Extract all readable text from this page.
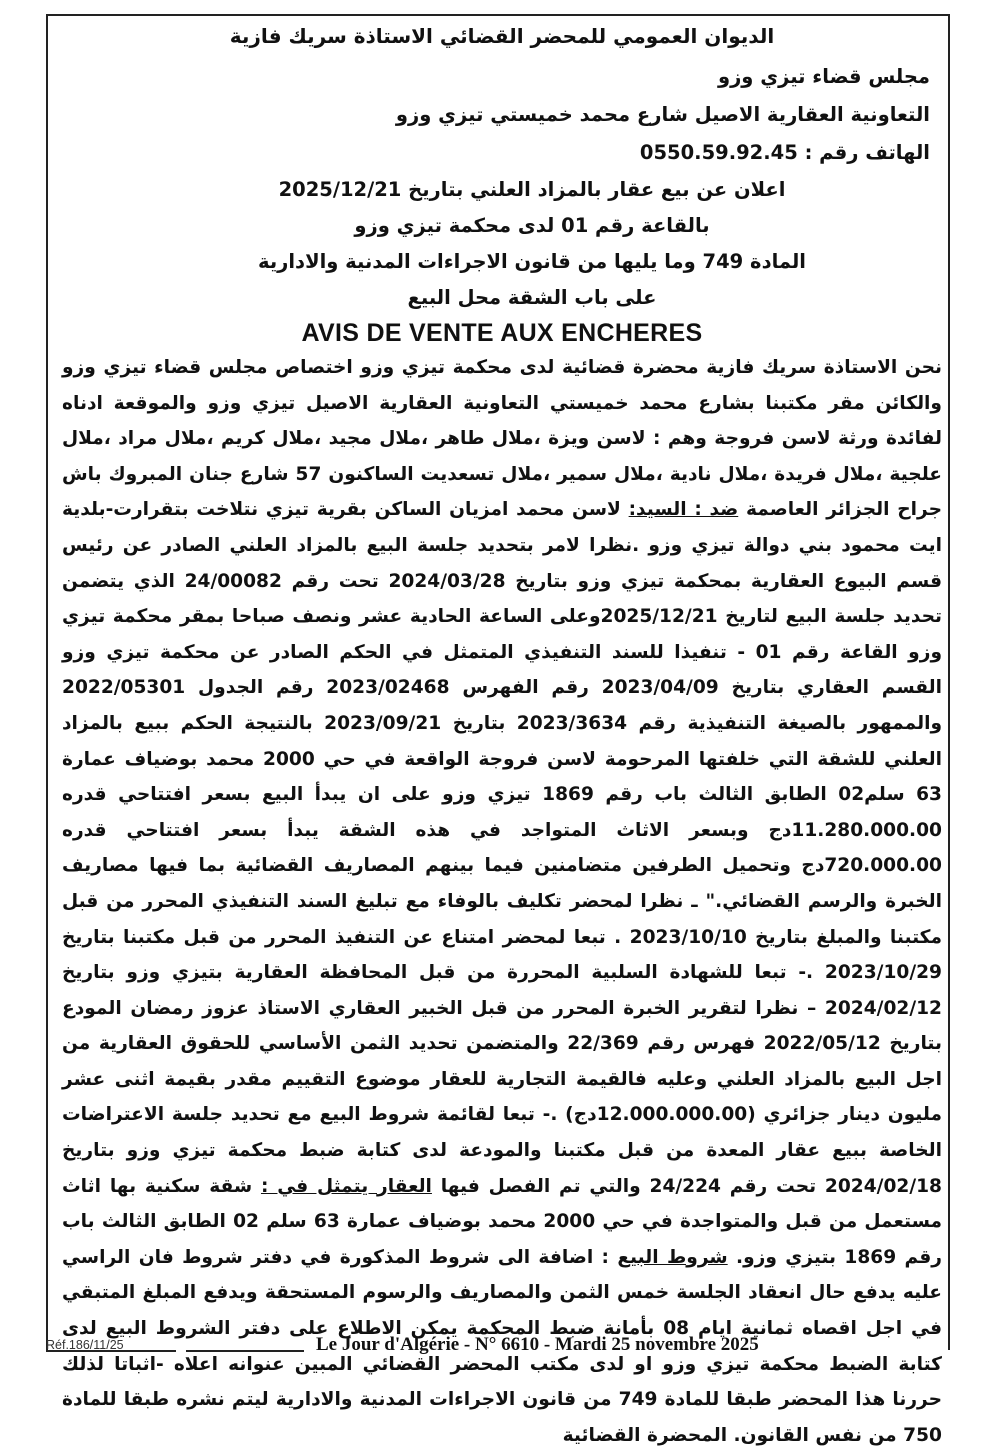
الديوان العمومي للمحضر القضائي الاستاذة سريك فازية
مجلس قضاء تيزي وزو
التعاونية العقارية الاصيل شارع محمد خميستي تيزي وزو
الهاتف رقم : 0550.59.92.45
اعلان عن بيع عقار بالمزاد العلني بتاريخ 2025/12/21
بالقاعة رقم 01 لدى محكمة تيزي وزو
المادة 749 وما يليها من قانون الاجراءات المدنية والادارية
على باب الشقة محل البيع
AVIS DE VENTE AUX ENCHERES

نحن الاستاذة سريك فازية محضرة قضائية لدى محكمة تيزي وزو اختصاص مجلس قضاء تيزي وزو والكائن مقر مكتبنا بشارع محمد خميستي التعاونية العقارية الاصيل تيزي وزو والموقعة ادناه لفائدة ورثة لاسن فروجة وهم : لاسن ويزة ،ملال طاهر ،ملال مجيد ،ملال كريم ،ملال مراد ،ملال علجية ،ملال فريدة ،ملال نادية ،ملال سمير ،ملال تسعديت الساكنون 57 شارع جنان المبروك باش جراح الجزائر العاصمة ضد : السيد: لاسن محمد امزيان الساكن بقرية تيزي نتلاخت بتقرارت-بلدية ايت محمود بني دوالة تيزي وزو .نظرا لامر بتحديد جلسة البيع بالمزاد العلني الصادر عن رئيس قسم البيوع العقارية بمحكمة تيزي وزو بتاريخ 2024/03/28 تحت رقم 24/00082 الذي يتضمن تحديد جلسة البيع لتاريخ 2025/12/21وعلى الساعة الحادية عشر ونصف صباحا بمقر محكمة تيزي وزو القاعة رقم 01 - تنفيذا للسند التنفيذي المتمثل في الحكم الصادر عن محكمة تيزي وزو القسم العقاري بتاريخ 2023/04/09 رقم الفهرس 2023/02468 رقم الجدول 2022/05301 والممهور بالصيغة التنفيذية رقم 2023/3634 بتاريخ 2023/09/21 بالنتيجة الحكم ببيع بالمزاد العلني للشقة التي خلفتها المرحومة لاسن فروجة الواقعة في حي 2000 محمد بوضياف عمارة 63 سلم02 الطابق الثالث باب رقم 1869 تيزي وزو على ان يبدأ البيع بسعر افتتاحي قدره 11.280.000.00دج وبسعر الاثاث المتواجد في هذه الشقة يبدأ بسعر افتتاحي قدره 720.000.00دج وتحميل الطرفين متضامنين فيما بينهم المصاريف القضائية بما فيها مصاريف الخبرة والرسم القضائي." ـ نظرا لمحضر تكليف بالوفاء مع تبليغ السند التنفيذي المحرر من قبل مكتبنا والمبلغ بتاريخ 2023/10/10 . تبعا لمحضر امتناع عن التنفيذ المحرر من قبل مكتبنا بتاريخ 2023/10/29 .- تبعا للشهادة السلبية المحررة من قبل المحافظة العقارية بتيزي وزو بتاريخ 2024/02/12 – نظرا لتقرير الخبرة المحرر من قبل الخبير العقاري الاستاذ عزوز رمضان المودع بتاريخ 2022/05/12 فهرس رقم 22/369 والمتضمن تحديد الثمن الأساسي للحقوق العقارية من اجل البيع بالمزاد العلني وعليه فالقيمة التجارية للعقار موضوع التقييم مقدر بقيمة اثنى عشر مليون دينار جزائري (12.000.000.00دج) .- تبعا لقائمة شروط البيع مع تحديد جلسة الاعتراضات الخاصة ببيع عقار المعدة من قبل مكتبنا والمودعة لدى كتابة ضبط محكمة تيزي وزو بتاريخ 2024/02/18 تحت رقم 24/224 والتي تم الفصل فيها العقار يتمثل في : شقة سكنية بها اثاث مستعمل من قبل والمتواجدة في حي 2000 محمد بوضياف عمارة 63 سلم 02 الطابق الثالث باب رقم 1869 بتيزي وزو. شروط البيع : اضافة الى شروط المذكورة في دفتر شروط فان الراسي عليه يدفع حال انعقاد الجلسة خمس الثمن والمصاريف والرسوم المستحقة ويدفع المبلغ المتبقي في اجل اقصاه ثمانية ايام 08 بأمانة ضبط المحكمة يمكن الاطلاع على دفتر الشروط البيع لدى كتابة الضبط محكمة تيزي وزو او لدى مكتب المحضر القضائي المبين عنوانه اعلاه -اثباتا لذلك حررنا هذا المحضر طبقا للمادة 749 من قانون الاجراءات المدنية والادارية ليتم نشره طبقا للمادة 750 من نفس القانون. المحضرة القضائية

Réf.186/11/25	Le Jour d'Algérie - N° 6610 - Mardi 25 novembre 2025
